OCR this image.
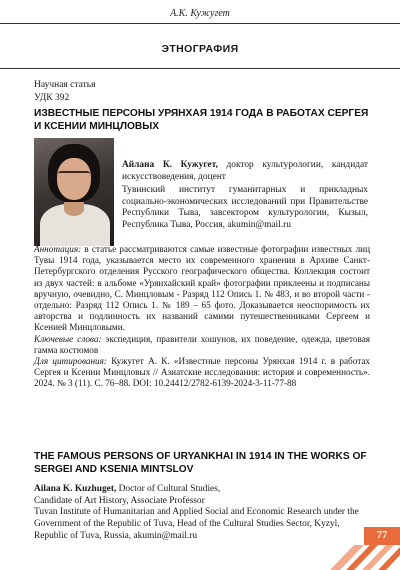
А.К. Кужугет
ЭТНОГРАФИЯ
Научная статья
УДК 392
ИЗВЕСТНЫЕ ПЕРСОНЫ УРЯНХАЯ 1914 ГОДА В РАБОТАХ СЕРГЕЯ И КСЕНИИ МИНЦЛОВЫХ
Айлана К. Кужугет, доктор культурологии, кандидат искусствоведения, доцент
Тувинский институт гуманитарных и прикладных социально-экономических исследований при Правительстве Республики Тыва, завсектором культурологии, Кызыл, Республика Тыва, Россия, akumin@mail.ru

Аннотация: в статье рассматриваются самые известные фотографии известных лиц Тувы 1914 года, указывается место их современного хранения в Архиве Санкт-Петербургского отделения Русского географического общества. Коллекция состоит из двух частей: в альбоме «Урянхайский край» фотографии приклеены и подписаны вручную, очевидно, С. Минцловым - Разряд 112 Опись 1. № 483, и во второй части - отдельно: Разряд 112 Опись 1. № 189 – 65 фото. Доказывается неоспоримость их авторства и подлинность их названий самими путешественниками Сергеем и Ксенией Минцловыми.

Ключевые слова: экспедиция, правители хошунов, их поведение, одежда, цветовая гамма костюмов

Для цитирования: Кужугет А. К. «Известные персоны Урянхая 1914 г. в работах Сергея и Ксении Минцловых // Азиатские исследования: история и современность». 2024. № 3 (11). С. 76–88. DOI: 10.24412/2782-6139-2024-3-11-77-88

THE FAMOUS PERSONS OF URYANKHAI IN 1914 IN THE WORKS OF SERGEI AND KSENIA MINTSLOV
Ailana K. Kuzhuget, Doctor of Cultural Studies,
Candidate of Art History, Associate Professor
Tuvan Institute of Humanitarian and Applied Social and Economic Research under the Government of the Republic of Tuva, Head of the Cultural Studies Sector, Kyzyl, Republic of Tuva, Russia, akumin@mail.ru	77
